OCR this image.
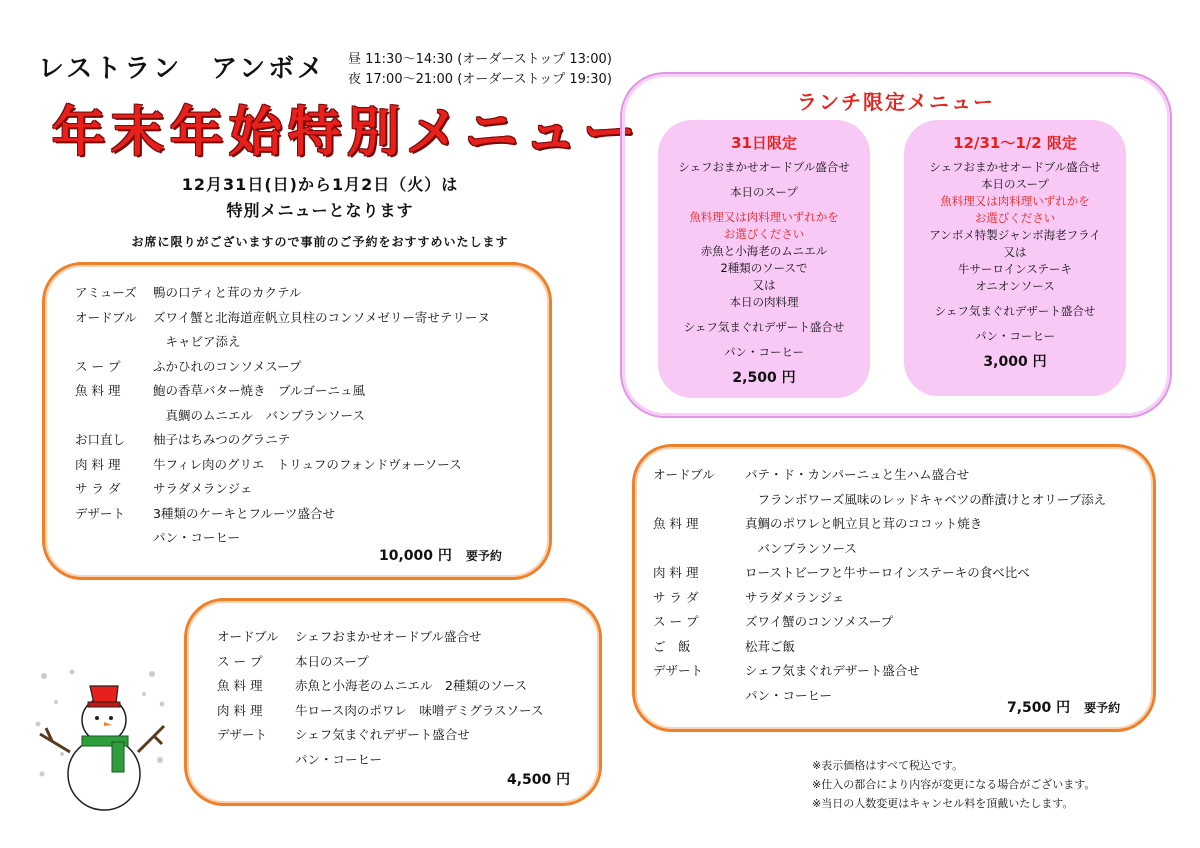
レストラン　アンボメ 昼 11:30〜14:30 (オーダーストップ 13:00)
夜 17:00〜21:00 (オーダーストップ 19:30)
年末年始特別メニュー
12月31日(日)から1月2日（火）は
特別メニューとなります
お席に限りがございますので事前のご予約をおすすめいたします
アミューズ	鴨の口ティと茸のカクテル
オードブル	ズワイ蟹と北海道産帆立貝柱のコンソメゼリー寄せテリーヌ
　キャビア添え
ス ー プ	ふかひれのコンソメスープ
魚 料 理	鮑の香草バター焼き　ブルゴーニュ風
　真鯛のムニエル　バンブランソース
お口直し	柚子はちみつのグラニテ
肉 料 理	牛フィレ肉のグリエ　トリュフのフォンドヴォーソース
サ ラ ダ	サラダメランジェ
デザート	3種類のケーキとフルーツ盛合せ
パン・コーヒー
10,000 円 要予約
オードブル	シェフおまかせオードブル盛合せ
ス ー プ	本日のスープ
魚 料 理	赤魚と小海老のムニエル　2種類のソース
肉 料 理	牛ロース肉のポワレ　味噌デミグラスソース
デザート	シェフ気まぐれデザート盛合せ
パン・コーヒー
4,500 円
ランチ限定メニュー
31日限定
シェフおまかせオードブル盛合せ
本日のスープ
魚料理又は肉料理いずれかを
お選びください
赤魚と小海老のムニエル
2種類のソースで
又は
本日の肉料理
シェフ気まぐれデザート盛合せ
パン・コーヒー
2,500 円
12/31〜1/2 限定
シェフおまかせオードブル盛合せ
本日のスープ
魚料理又は肉料理いずれかを
お選びください
アンボメ特製ジャンボ海老フライ
又は
牛サーロインステーキ
オニオンソース
シェフ気まぐれデザート盛合せ
パン・コーヒー
3,000 円
オードブル	パテ・ド・カンパーニュと生ハム盛合せ
　フランボワーズ風味のレッドキャベツの酢漬けとオリーブ添え
魚 料 理	真鯛のポワレと帆立貝と茸のココット焼き
　バンブランソース
肉 料 理	ローストビーフと牛サーロインステーキの食べ比べ
サ ラ ダ	サラダメランジェ
ス ー プ	ズワイ蟹のコンソメスープ
ご　飯	松茸ご飯
デザート	シェフ気まぐれデザート盛合せ
パン・コーヒー
7,500 円 要予約
※表示価格はすべて税込です。
※仕入の都合により内容が変更になる場合がございます。
※当日の人数変更はキャンセル料を頂戴いたします。
